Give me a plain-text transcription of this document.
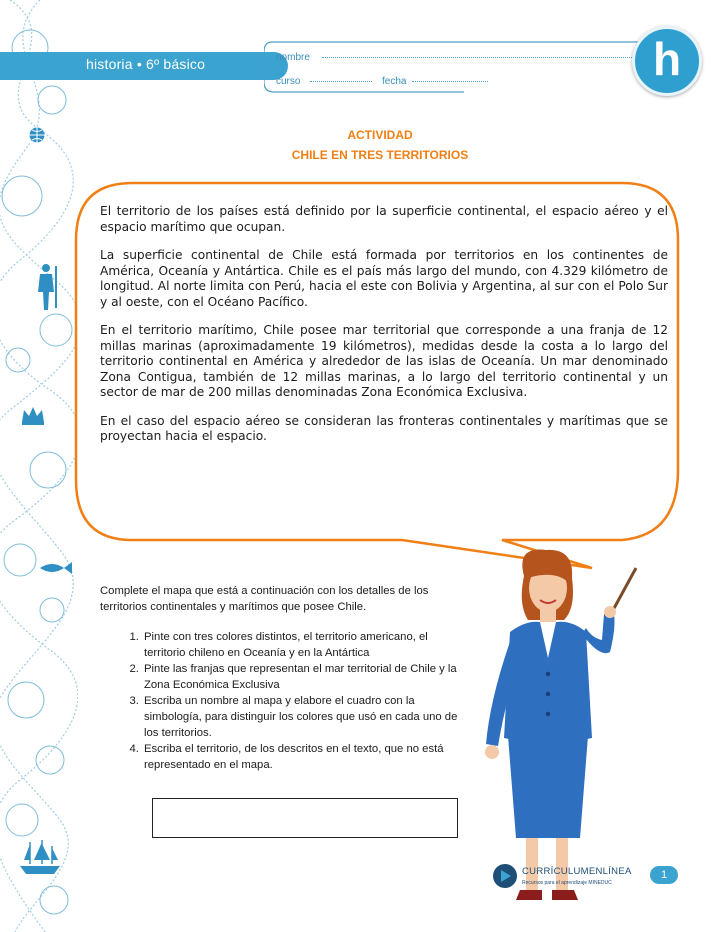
historia • 6º básico	nombre
curso	fecha	h
ACTIVIDAD
CHILE EN TRES TERRITORIOS

El territorio de los países está definido por la superficie continental, el espacio aéreo y el espacio marítimo que ocupan.

La superficie continental de Chile está formada por territorios en los continentes de América, Oceanía y Antártica. Chile es el país más largo del mundo, con 4.329 kilómetro de longitud. Al norte limita con Perú, hacia el este con Bolivia y Argentina, al sur con el Polo Sur y al oeste, con el Océano Pacífico.

En el territorio marítimo, Chile posee mar territorial que corresponde a una franja de 12 millas marinas (aproximadamente 19 kilómetros), medidas desde la costa a lo largo del territorio continental en América y alrededor de las islas de Oceanía. Un mar denominado Zona Contigua, también de 12 millas marinas, a lo largo del territorio continental y un sector de mar de 200 millas denominadas Zona Económica Exclusiva.

En el caso del espacio aéreo se consideran las fronteras continentales y marítimas que se proyectan hacia el espacio.

Complete el mapa que está a continuación con los detalles de los territorios continentales y marítimos que posee Chile.

1. Pinte con tres colores distintos, el territorio americano, el territorio chileno en Oceanía y en la Antártica
2. Pinte las franjas que representan el mar territorial de Chile y la Zona Económica Exclusiva
3. Escriba un nombre al mapa y elabore el cuadro con la simbología, para distinguir los colores que usó en cada uno de los territorios.
4. Escriba el territorio, de los descritos en el texto, que no está representado en el mapa.
CURRÍCULUMENLÍNEA
Recursos para el aprendizaje MINEDUC
1
